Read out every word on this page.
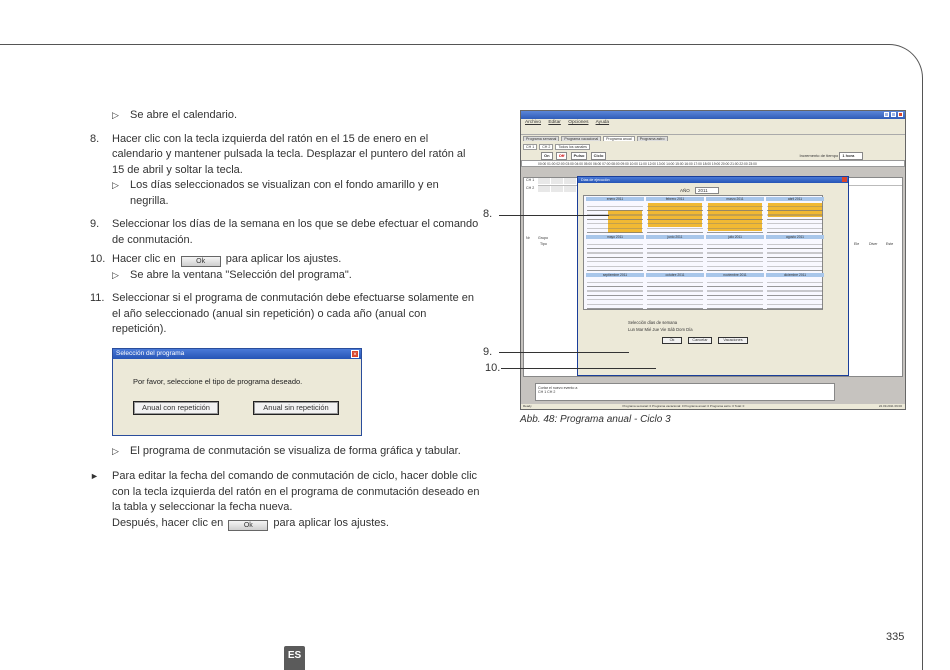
▷ Se abre el calendario.
8. Hacer clic con la tecla izquierda del ratón en el 15 de enero en el calendario y mantener pulsada la tecla. Desplazar el puntero del ratón al 15 de abril y soltar la tecla.
▷ Los días seleccionados se visualizan con el fondo amarillo y en negrilla.
9. Seleccionar los días de la semana en los que se debe efectuar el comando de conmutación.
10. Hacer clic en	Ok para aplicar los ajustes.
▷ Se abre la ventana "Selección del programa".
11. Seleccionar si el programa de conmutación debe efectuarse solamente en el año seleccionado (anual sin repetición) o cada año (anual con repetición).
Selección del programa	×
Por favor, seleccione el tipo de programa deseado.
Anual con repetición	Anual sin repetición
▷ El programa de conmutación se visualiza de forma gráfica y tabular.
► Para editar la fecha del comando de conmutación de ciclo, hacer doble clic con la tecla izquierda del ratón en el programa de conmutación deseado en la tabla y seleccionar la fecha nueva.
Después, hacer clic en	Ok para aplicar los ajustes.
Archivo Editar Opciones Ayuda
Programa semanal Programa vacacional Programa anual Programa astro
CH 1 CH 2 Todos los canales
On Off Pulso Ciclo	Incremento de tiempo 1 hora
00:00 01:00 02:00 03:00 04:00 05:00 06:00 07:00 08:00 09:00 10:00 11:00 12:00 13:00 14:00 15:00 16:00 17:00 18:00 19:00 20:00 21:00 22:00 23:00
CH 1
CH 2
Nr Grupo
Tipo	Ele	Diver Este
Cortar el nuevo evento a
CH 1 CH 2
Ready	Programa semanal: 0 Programa vacacional: 0 Programa anual: 0 Programa astro: 0 Total: 0	22.09.2011 09:00
Días de ejecución
AÑO 2011
enero 2011	febrero 2011	marzo 2011	abril 2011
mayo 2011	junio 2011	julio 2011	agosto 2011
septiembre 2011	octubre 2011	noviembre 2011	diciembre 2011
Selección días de semana
Lun Mar Mié Jue Vie Sáb Dom Día
Ok	Cancelar	Vacaciones
8.
9.
10.
Abb. 48: Programa anual - Ciclo 3
335
ES
